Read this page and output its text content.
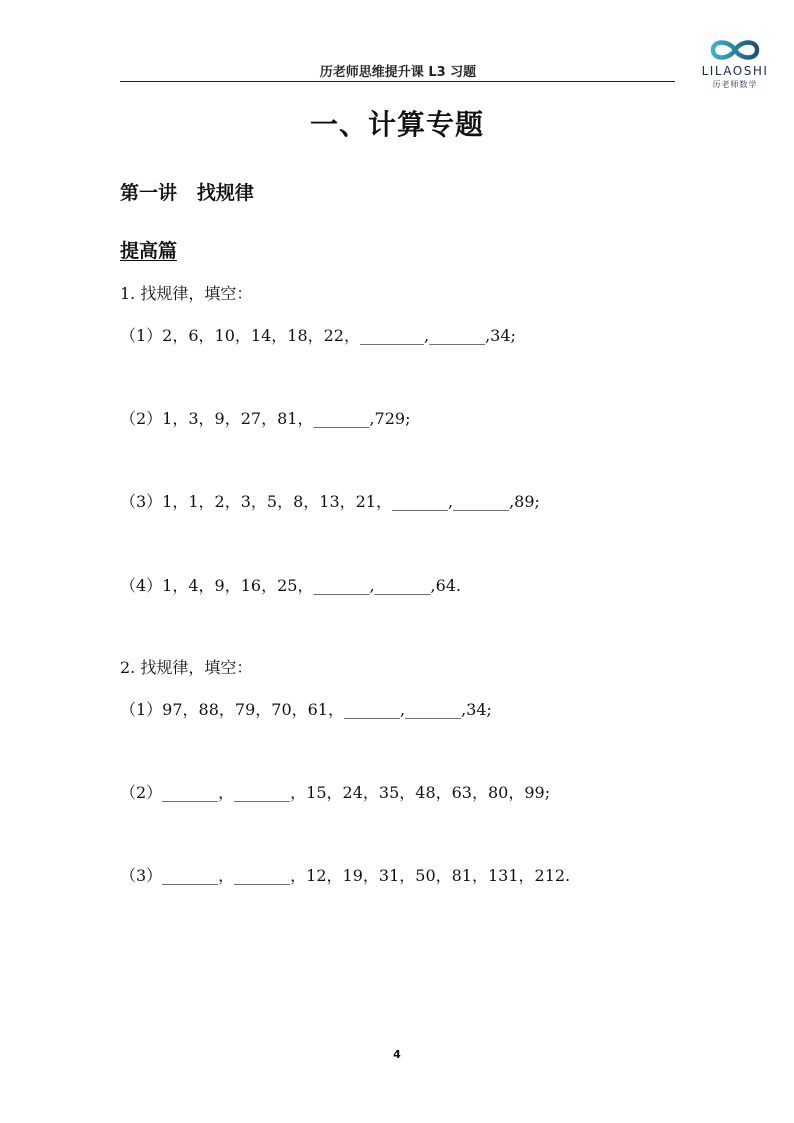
历老师思维提升课 L3 习题	LILAOSHI
历老师数学
一、计算专题
第一讲   找规律
提高篇
1. 找规律，填空：
（1）2，6，10，14，18，22，________,_______,34;
（2）1，3，9，27，81，_______,729;
（3）1，1，2，3，5，8，13，21，_______,_______,89;
（4）1，4，9，16，25，_______,_______,64.
2. 找规律，填空：
（1）97，88，79，70，61，_______,_______,34;
（2）_______，_______，15，24，35，48，63，80，99;
（3）_______，_______，12，19，31，50，81，131，212.
4
